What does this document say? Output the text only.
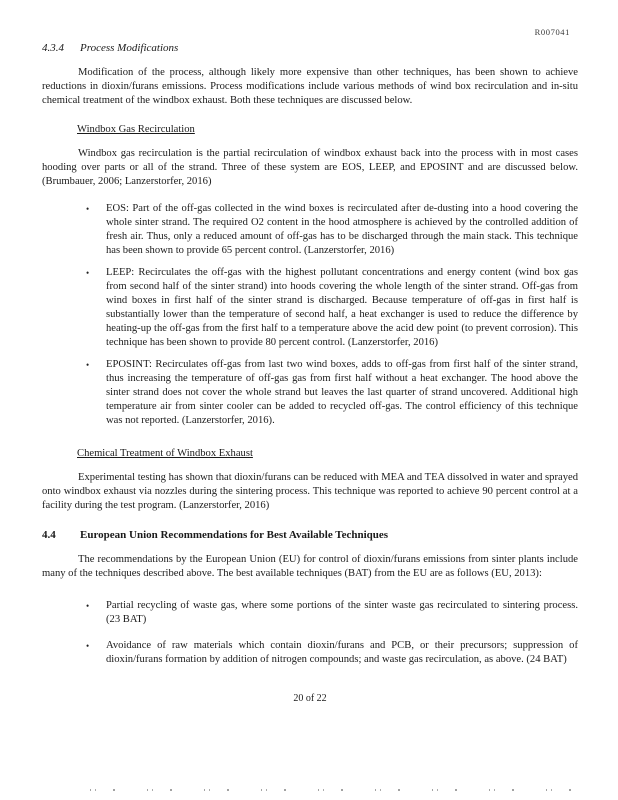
R007041
4.3.4	Process Modifications

Modification of the process, although likely more expensive than other techniques, has been shown to achieve reductions in dioxin/furans emissions. Process modifications include various methods of wind box recirculation and in-situ chemical treatment of the windbox exhaust. Both these techniques are discussed below.

Windbox Gas Recirculation

Windbox gas recirculation is the partial recirculation of windbox exhaust back into the process with in most cases hooding over parts or all of the strand. Three of these system are EOS, LEEP, and EPOSINT and are discussed below. (Brumbauer, 2006; Lanzerstorfer, 2016)

•	EOS: Part of the off-gas collected in the wind boxes is recirculated after de-dusting into a hood covering the whole sinter strand. The required O2 content in the hood atmosphere is achieved by the controlled addition of fresh air. Thus, only a reduced amount of off-gas has to be discharged through the main stack. This technique has been shown to provide 65 percent control. (Lanzerstorfer, 2016)
•	LEEP: Recirculates the off-gas with the highest pollutant concentrations and energy content (wind box gas from second half of the sinter strand) into hoods covering the whole length of the sinter strand. Off-gas from wind boxes in first half of the sinter strand is discharged. Because temperature of off-gas in first half is substantially lower than the temperature of second half, a heat exchanger is used to reduce the difference by heating-up the off-gas from the first half to a temperature above the acid dew point (to prevent corrosion). This technique has been shown to provide 80 percent control. (Lanzerstorfer, 2016)
•	EPOSINT: Recirculates off-gas from last two wind boxes, adds to off-gas from first half of the sinter strand, thus increasing the temperature of off-gas gas from first half without a heat exchanger. The hood above the sinter strand does not cover the whole strand but leaves the last quarter of strand uncovered. Additional high temperature air from sinter cooler can be added to recycled off-gas. The control efficiency of this technique was not reported. (Lanzerstorfer, 2016).
Chemical Treatment of Windbox Exhaust

Experimental testing has shown that dioxin/furans can be reduced with MEA and TEA dissolved in water and sprayed onto windbox exhaust via nozzles during the sintering process. This technique was reported to achieve 90 percent control at a facility during the test program. (Lanzerstorfer, 2016)

4.4	European Union Recommendations for Best Available Techniques

The recommendations by the European Union (EU) for control of dioxin/furans emissions from sinter plants include many of the techniques described above. The best available techniques (BAT) from the EU are as follows (EU, 2013):

•	Partial recycling of waste gas, where some portions of the sinter waste gas recirculated to sintering process. (23 BAT)
•	Avoidance of raw materials which contain dioxin/furans and PCB, or their precursors; suppression of dioxin/furans formation by addition of nitrogen compounds; and waste gas recirculation, as above. (24 BAT)
20 of 22
